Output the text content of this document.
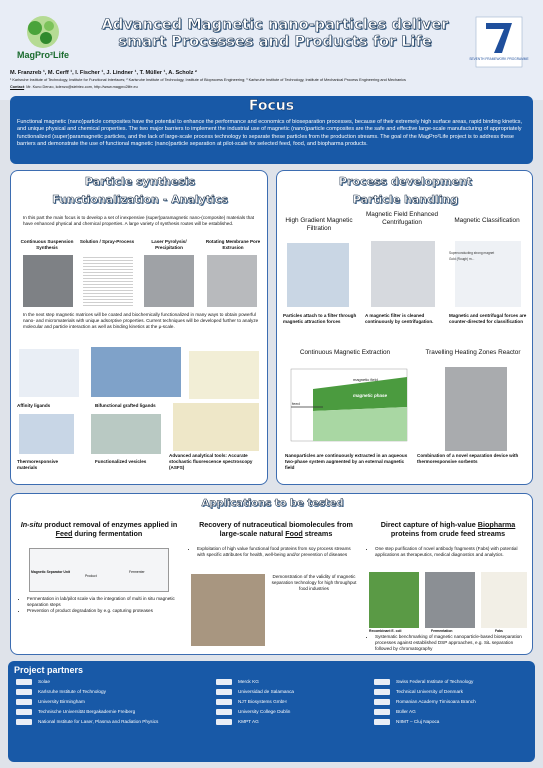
MagPro²Life
Advanced Magnetic nano-particles deliver
smart Processes and Products for Life
SEVENTH FRAMEWORK PROGRAMME
M. Franzreb ¹, M. Cerff ¹, I. Fischer ¹, J. Lindner ¹, T. Müller ¹, A. Scholz ²
¹ Karlsruhe Institute of Technology, Institute for Functional Interfaces; ² Karlsruhe Institute of Technology, Institute of Bioprocess Engineering; ³ Karlsruhe Institute of Technology, Institute of Mechanical Process Engineering and Mechanics
Contact: Mr. Kuno Denzo, kdenzo@siebtec.com, http://www.magpro2life.eu
Focus

Functional magnetic (nano)particle composites have the potential to enhance the performance and economics of bioseparation processes, because of their extremely high surface areas, rapid binding kinetics, and unique physical and chemical properties. The two major barriers to implement the industrial use of magnetic (nano)particle composites are the safe and effective large-scale manufacturing of appropriately functionalized (super)paramagnetic particles, and the lack of large-scale process technology to separate these particles from the production streams. The goal of the MagPro²Life project is to address these barriers and demonstrate the use of functional magnetic (nano)particle separation at pilot-scale for selected feed, food, and biopharma products.

Particle synthesis
Functionalization - Analytics
In this part the main focus is to develop a set of inexpensive (super)paramagnetic nano-(composite) materials that have enhanced physical and chemical properties. A large variety of synthesis routes will be established.
Continuous Suspension Synthesis
Solution / Spray-Process	Laser Pyrolysis/ Precipitation
Rotating Membrane Pore Extrusion
In the next step magnetic matrices will be coated and biochemically functionalized in many ways to obtain powerful nano- and micromaterials with unique adsorptive properties. Current techniques will be developed further to analyze molecular and particle interaction as well as binding kinetics at the µ-scale.
Affinity ligands	Bifunctional grafted ligands
Thermoresponsive materials
Functionalized vesicles
Advanced analytical tools: Accurate stochastic fluorescence spectroscopy (ASFS)
Process development
Particle handling
High Gradient Magnetic Filtration
Magnetic Field Enhanced Centrifugation	Magnetic Classification
Superconducting strong magnet
Gold (Rough) m...
Particles attach to a filter through magnetic attraction forces
A magnetic filter is cleaned continuously by centrifugation.
Magnetic and centrifugal forces are counter-directed for classification
Continuous Magnetic Extraction	Travelling Heating Zones Reactor
magnetic field
magnetic phase
feed
Nanoparticles are continuously extracted in an aqueous two-phase system augmented by an external magnetic field
Combination of a novel separation device with thermoresponsive sorbents
Applications to be tested
In-situ product removal of enzymes applied in Feed during fermentation
Magnetic Separator Unit
Product
Fermenter
• Fermentation in lab/pilot scale via the integration of multi in situ magnetic separation steps
• Prevention of product degradation by e.g. capturing proteases
Recovery of nutraceutical biomolecules from large-scale natural Food streams
• Exploitation of high value functional food proteins from soy process streams with specific attributes for health, well-being and/or prevention of diseases
Demonstration of the validity of magnetic separation technology for high throughput food industries
Direct capture of high-value Biopharma proteins from crude feed streams
• One step purification of novel antibody fragments (Fabs) with potential applications as therapeutics, medical diagnostics and analytics.
Recombinant E. coli	Fermentation	Fabs
• Systematic benchmarking of magnetic nanoparticle-based bioseparation processes against established DSP approaches, e.g. SiL separation followed by chromatography
Project partners
Solae
Karlsruhe Institute of Technology
University Birmingham
Technische Universität Bergakademie Freiberg
National Institute for Laser, Plasma and Radiation Physics
Merck KG
Universidad de Salamanca
NJT Biosystems GmbH
University College Dublin
KMPT AG
Swiss Federal Institute of Technology
Technical University of Denmark
Romanian Academy Timisoara Branch
Büller AG
NIIMT – Cluj Napoca
